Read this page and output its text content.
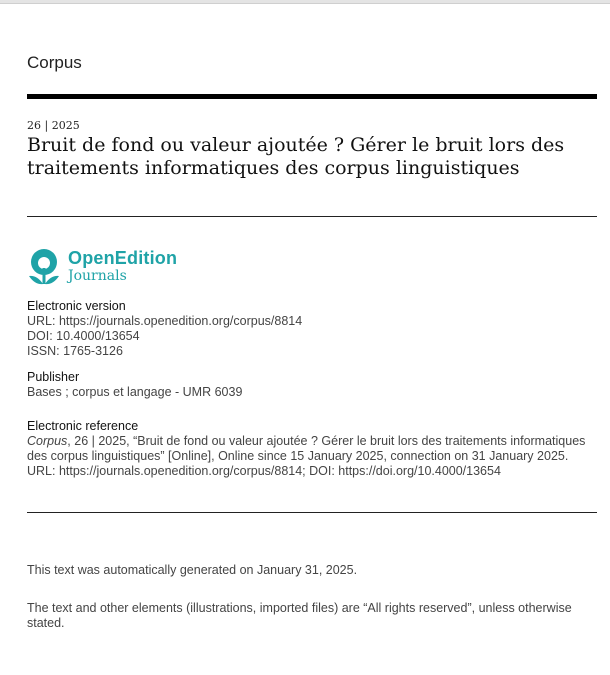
Corpus
26 | 2025
Bruit de fond ou valeur ajoutée ? Gérer le bruit lors des traitements informatiques des corpus linguistiques
OpenEdition
Journals
Electronic version
URL: https://journals.openedition.org/corpus/8814
DOI: 10.4000/13654
ISSN: 1765-3126
Publisher
Bases ; corpus et langage - UMR 6039
Electronic reference
Corpus, 26 | 2025, “Bruit de fond ou valeur ajoutée ? Gérer le bruit lors des traitements informatiques des corpus linguistiques” [Online], Online since 15 January 2025, connection on 31 January 2025. URL: https://journals.openedition.org/corpus/8814; DOI: https://doi.org/10.4000/13654
This text was automatically generated on January 31, 2025.
The text and other elements (illustrations, imported files) are “All rights reserved”, unless otherwise stated.
